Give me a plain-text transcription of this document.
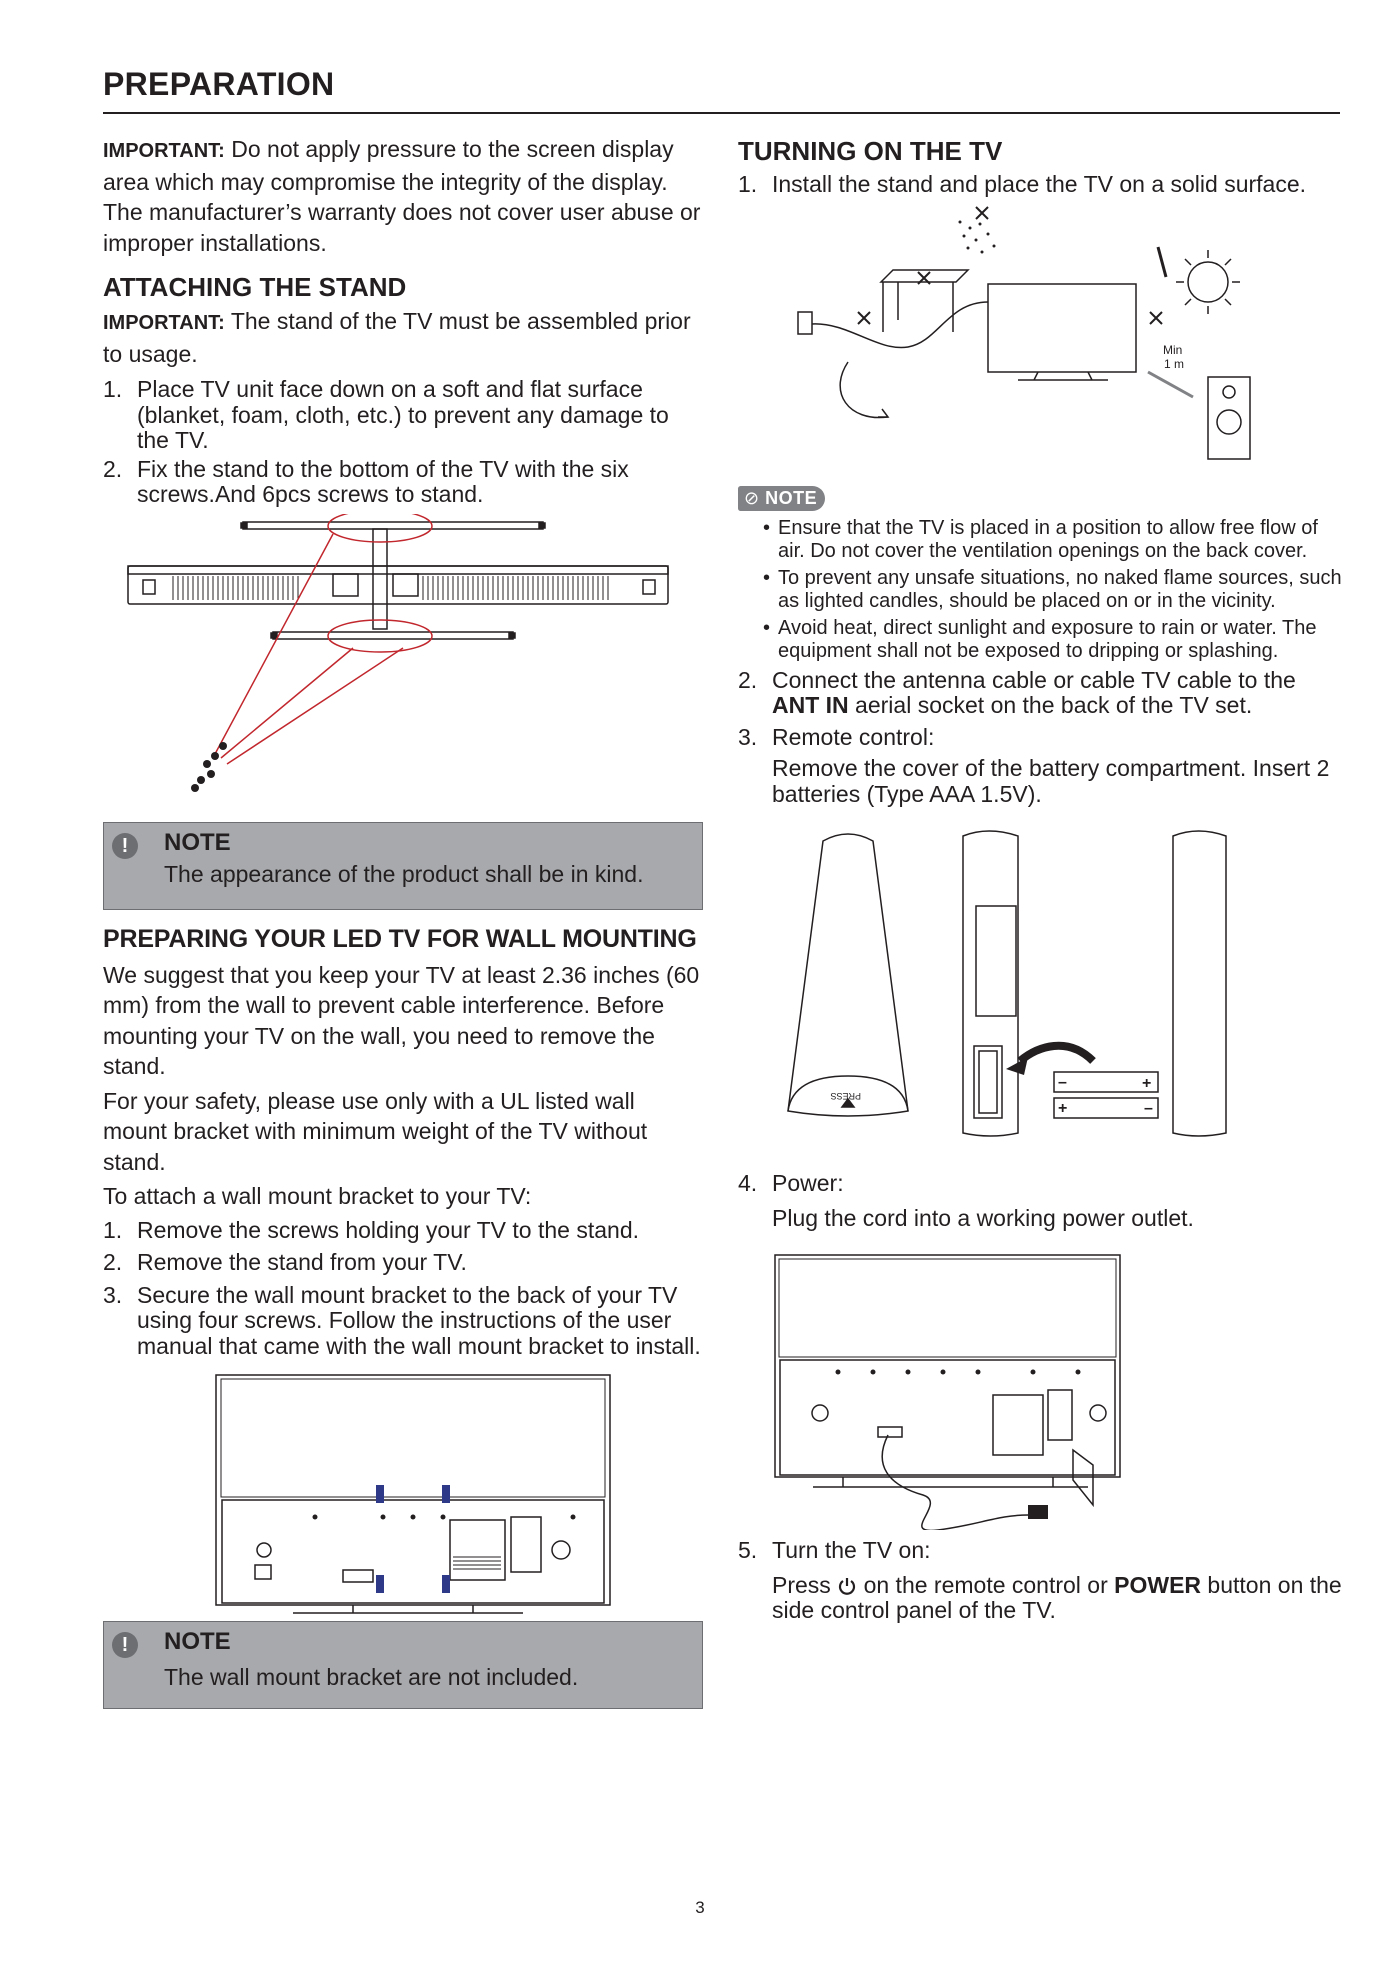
PREPARATION

IMPORTANT: Do not apply pressure to the screen display area which may compromise the integrity of the display. The manufacturer’s warranty does not cover user abuse or improper installations.

ATTACHING THE STAND

IMPORTANT: The stand of the TV must be assembled prior to usage.

1. Place TV unit face down on a soft and flat surface (blanket, foam, cloth, etc.) to prevent any damage to the TV.
2. Fix the stand to the bottom of the TV with the six screws.And 6pcs screws to stand.
!	NOTE
The appearance of the product shall be in kind.
PREPARING YOUR LED TV FOR WALL MOUNTING

We suggest that you keep your TV at least 2.36 inches (60 mm) from the wall to prevent cable interference. Before mounting your TV on the wall, you need to remove the stand.

For your safety, please use only with a UL listed wall mount bracket with minimum weight of the TV without stand.

To attach a wall mount bracket to your TV:

1. Remove the screws holding your TV to the stand.
2. Remove the stand from your TV.
3. Secure the wall mount bracket to the back of your TV using four screws. Follow the instructions of the user manual that came with the wall mount bracket to install.
!	NOTE
The wall mount bracket are not included.
TURNING ON THE TV
1. Install the stand and place the TV on a solid surface.
Min
1 m
⊘ NOTE
• Ensure that the TV is placed in a position to allow free flow of air. Do not cover the ventilation openings on the back cover.
• To prevent any unsafe situations, no naked flame sources, such as lighted candles, should be placed on or in the vicinity.
• Avoid heat, direct sunlight and exposure to rain or water. The equipment shall not be exposed to dripping or splashing.
2. Connect the antenna cable or cable TV cable to the ANT IN aerial socket on the back of the TV set.
3. Remote control:

Remove the cover of the battery compartment. Insert 2 batteries (Type AAA 1.5V).

–	+
+	–
PRESS
4. Power:

Plug the cord into a working power outlet.

5. Turn the TV on:

Press  on the remote control or POWER button on the side control panel of the TV.

3
